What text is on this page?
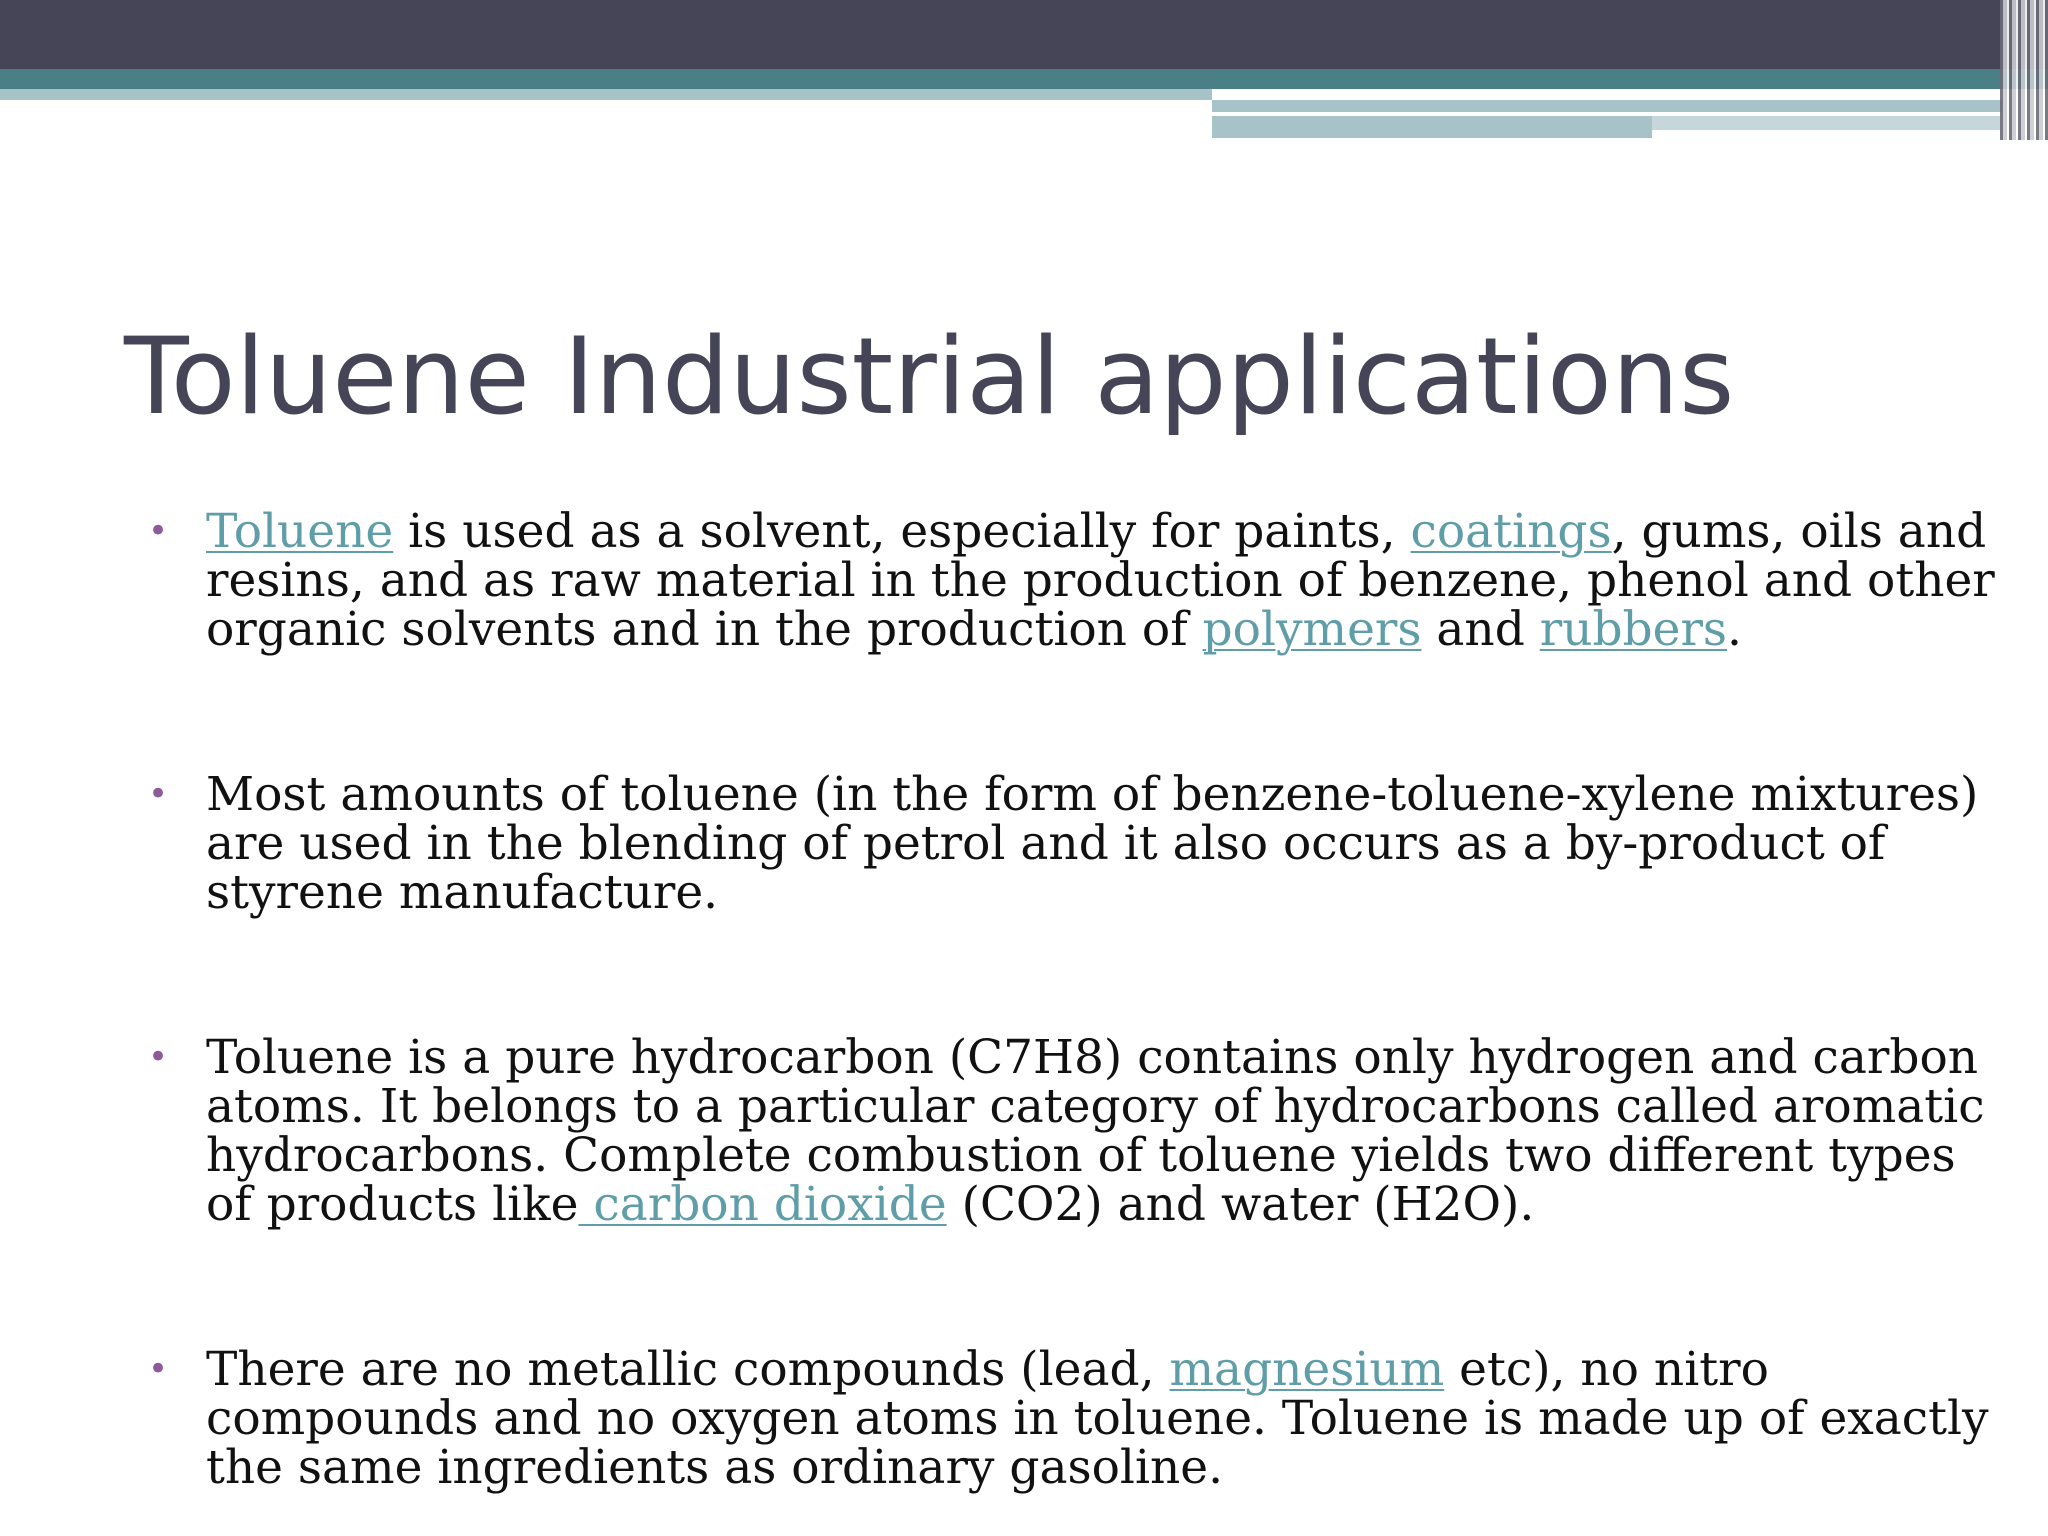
Toluene Industrial applications
• Toluene is used as a solvent, especially for paints, coatings, gums, oils and resins, and as raw material in the production of benzene, phenol and other organic solvents and in the production of polymers and rubbers.
• Most amounts of toluene (in the form of benzene-toluene-xylene mixtures) are used in the blending of petrol and it also occurs as a by-product of styrene manufacture.
• Toluene is a pure hydrocarbon (C7H8) contains only hydrogen and carbon atoms. It belongs to a particular category of hydrocarbons called aromatic hydrocarbons. Complete combustion of toluene yields two different types of products like carbon dioxide (CO2) and water (H2O).
• There are no metallic compounds (lead, magnesium etc), no nitro compounds and no oxygen atoms in toluene. Toluene is made up of exactly the same ingredients as ordinary gasoline.
